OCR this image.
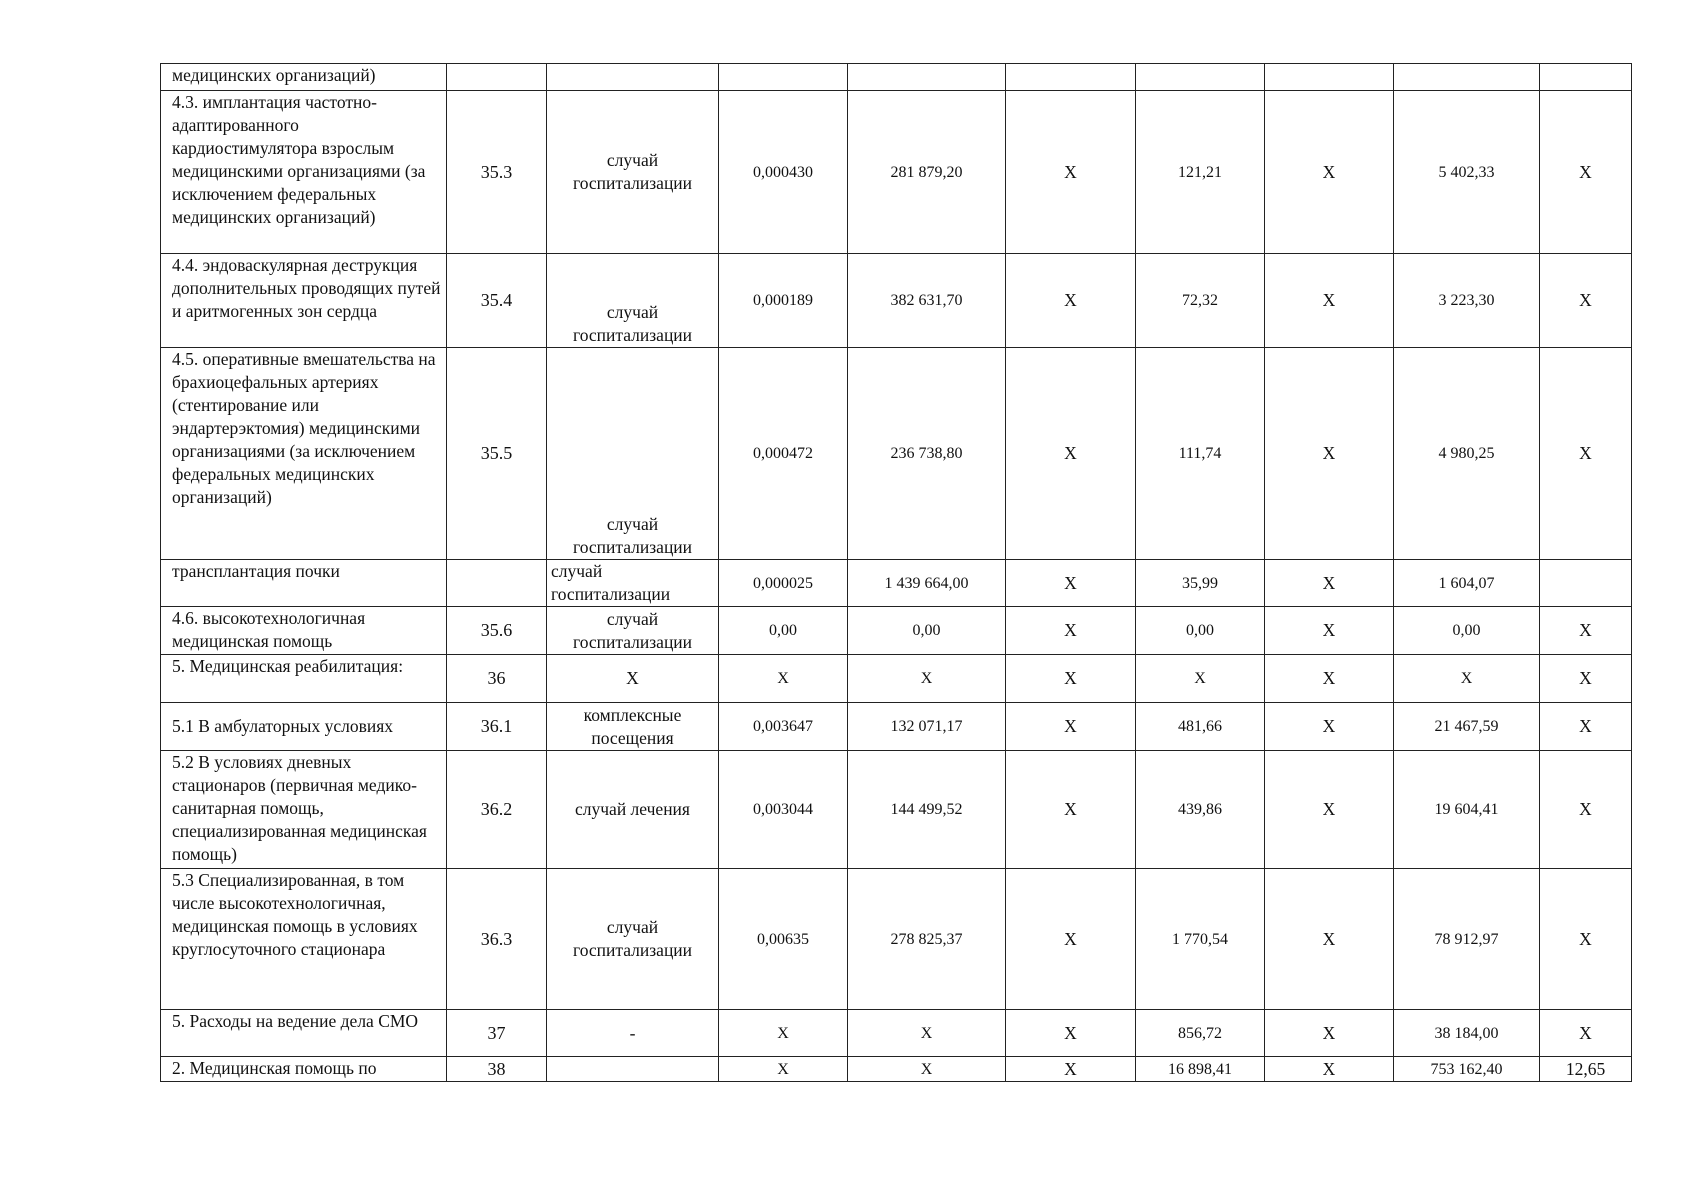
медицинских организаций)									
4.3. имплантация частотно-адаптированного кардиостимулятора взрослым медицинскими организациями (за исключением федеральных медицинских организаций)	35.3	случай госпитализации	0,000430	281 879,20	X	121,21	X	5 402,33	X
4.4. эндоваскулярная деструкция дополнительных проводящих путей и аритмогенных зон сердца	35.4	случай госпитализации	0,000189	382 631,70	X	72,32	X	3 223,30	X
4.5. оперативные вмешательства на брахиоцефальных артериях (стентирование или эндартерэктомия) медицинскими организациями (за исключением федеральных медицинских организаций)	35.5	случай госпитализации	0,000472	236 738,80	X	111,74	X	4 980,25	X
трансплантация почки		случай госпитализации	0,000025	1 439 664,00	X	35,99	X	1 604,07	
4.6. высокотехнологичная медицинская помощь	35.6	случай госпитализации	0,00	0,00	X	0,00	X	0,00	X
5. Медицинская реабилитация:	36	X	X	X	X	X	X	X	X
5.1 В амбулаторных условиях	36.1	комплексные посещения	0,003647	132 071,17	X	481,66	X	21 467,59	X
5.2 В условиях дневных стационаров (первичная медико-санитарная помощь, специализированная медицинская помощь)	36.2	случай лечения	0,003044	144 499,52	X	439,86	X	19 604,41	X
5.3 Специализированная, в том числе высокотехнологичная, медицинская помощь в условиях круглосуточного стационара	36.3	случай госпитализации	0,00635	278 825,37	X	1 770,54	X	78 912,97	X
5. Расходы на ведение дела СМО	37	-	X	X	X	856,72	X	38 184,00	X
2. Медицинская помощь по	38		X	X	X	16 898,41	X	753 162,40	12,65
